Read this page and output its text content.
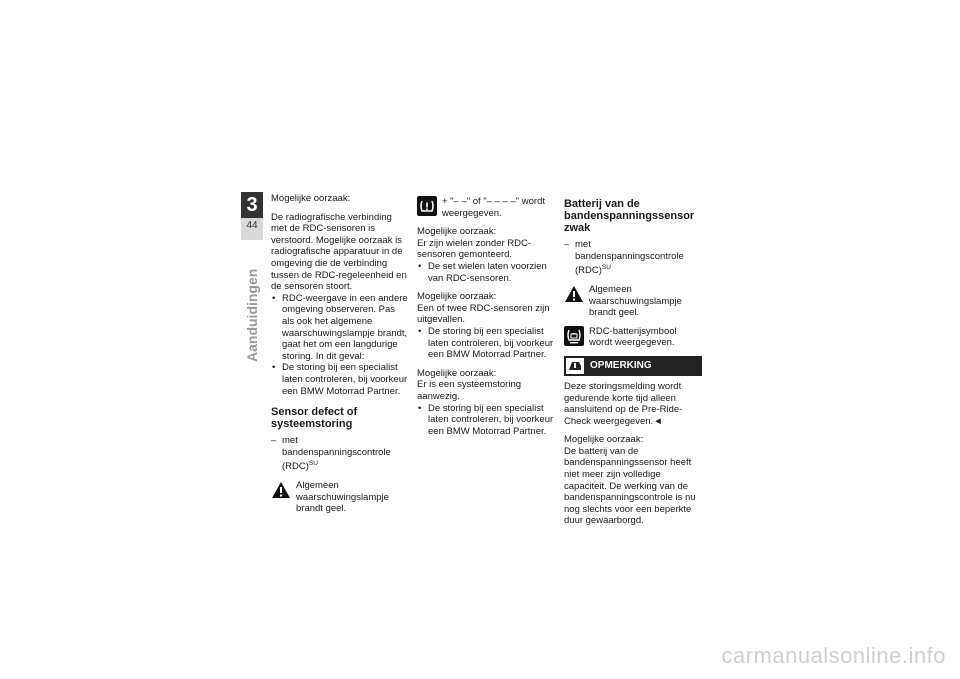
3
44
Aanduidingen

Mogelijke oorzaak:

De radiografische verbinding met de RDC-sensoren is verstoord. Mogelijke oorzaak is radiografische apparatuur in de omgeving die de verbinding tussen de RDC-regeleenheid en de sensoren stoort.

• RDC-weergave in een andere omgeving observeren. Pas als ook het algemene waarschuwingslampje brandt, gaat het om een langdurige storing. In dit geval:

• De storing bij een specialist laten controleren, bij voorkeur een BMW Motorrad Partner.

Sensor defect of systeemstoring

– met bandenspanningscontrole (RDC)$^{SU}$

Algemeen waarschuwingslampje brandt geel.
+ "– –" of "– – – –" wordt weergegeven.

Mogelijke oorzaak:

Er zijn wielen zonder RDC-sensoren gemonteerd.

• De set wielen laten voorzien van RDC-sensoren.

Mogelijke oorzaak:

Een of twee RDC-sensoren zijn uitgevallen.

• De storing bij een specialist laten controleren, bij voorkeur een BMW Motorrad Partner.

Mogelijke oorzaak:

Er is een systeemstoring aanwezig.

• De storing bij een specialist laten controleren, bij voorkeur een BMW Motorrad Partner.

Batterij van de bandenspanningssensor zwak

– met bandenspanningscontrole (RDC)$^{SU}$

Algemeen waarschuwingslampje brandt geel.
RDC-batterijsymbool wordt weergegeven.
OPMERKING

Deze storingsmelding wordt gedurende korte tijd alleen aansluitend op de Pre-Ride-Check weergegeven.◄

Mogelijke oorzaak:

De batterij van de bandenspanningssensor heeft niet meer zijn volledige capaciteit. De werking van de bandenspanningscontrole is nu nog slechts voor een beperkte duur gewaarborgd.

carmanualsonline.info
